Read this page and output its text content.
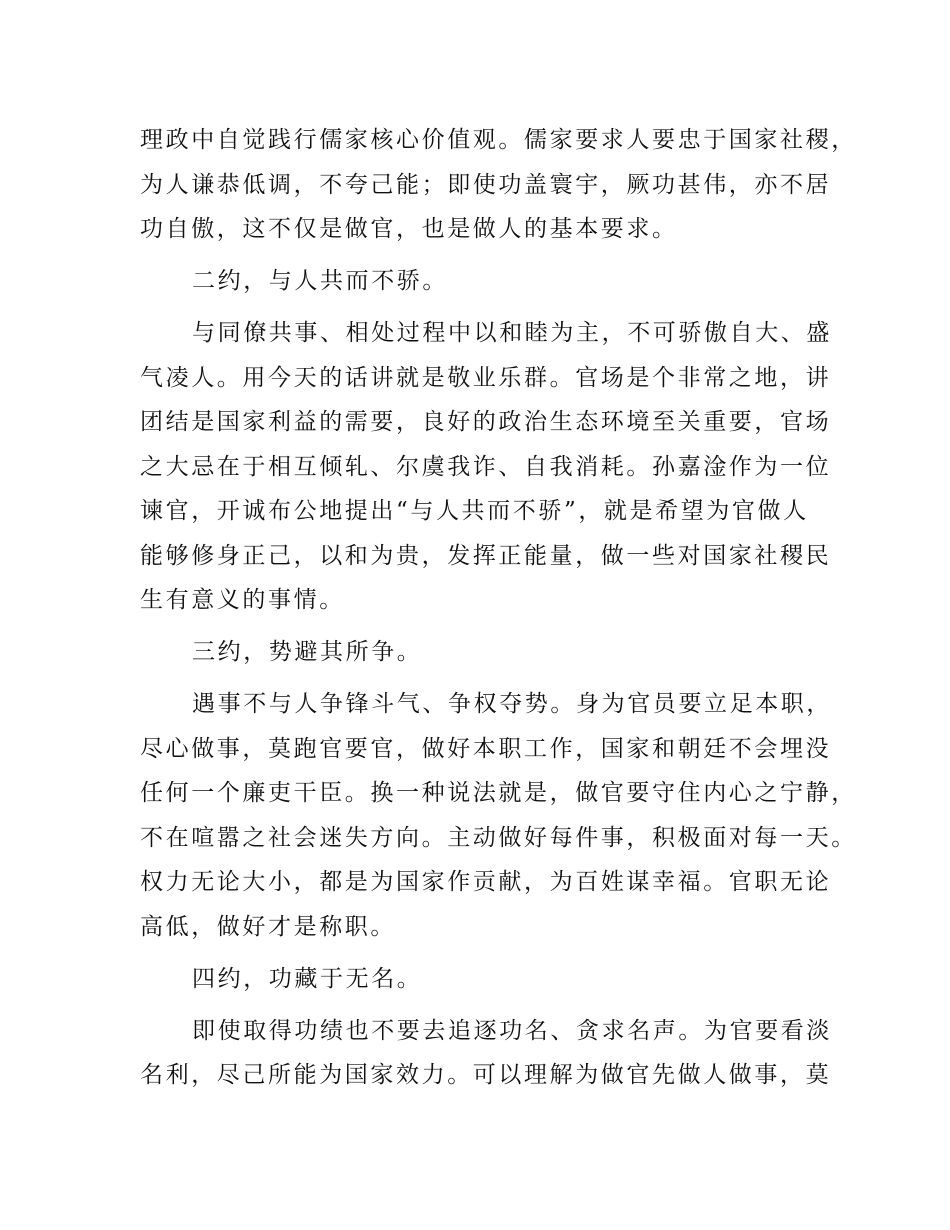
理政中自觉践行儒家核心价值观。儒家要求人要忠于国家社稷，
为人谦恭低调，不夸己能；即使功盖寰宇，厥功甚伟，亦不居
功自傲，这不仅是做官，也是做人的基本要求。
二约，与人共而不骄。
与同僚共事、相处过程中以和睦为主，不可骄傲自大、盛
气凌人。用今天的话讲就是敬业乐群。官场是个非常之地，讲
团结是国家利益的需要，良好的政治生态环境至关重要，官场
之大忌在于相互倾轧、尔虞我诈、自我消耗。孙嘉淦作为一位
谏官，开诚布公地提出“与人共而不骄”，就是希望为官做人
能够修身正己，以和为贵，发挥正能量，做一些对国家社稷民
生有意义的事情。
三约，势避其所争。
遇事不与人争锋斗气、争权夺势。身为官员要立足本职，
尽心做事，莫跑官要官，做好本职工作，国家和朝廷不会埋没
任何一个廉吏干臣。换一种说法就是，做官要守住内心之宁静，
不在喧嚣之社会迷失方向。主动做好每件事，积极面对每一天。
权力无论大小，都是为国家作贡献，为百姓谋幸福。官职无论
高低，做好才是称职。
四约，功藏于无名。
即使取得功绩也不要去追逐功名、贪求名声。为官要看淡
名利，尽己所能为国家效力。可以理解为做官先做人做事，莫
